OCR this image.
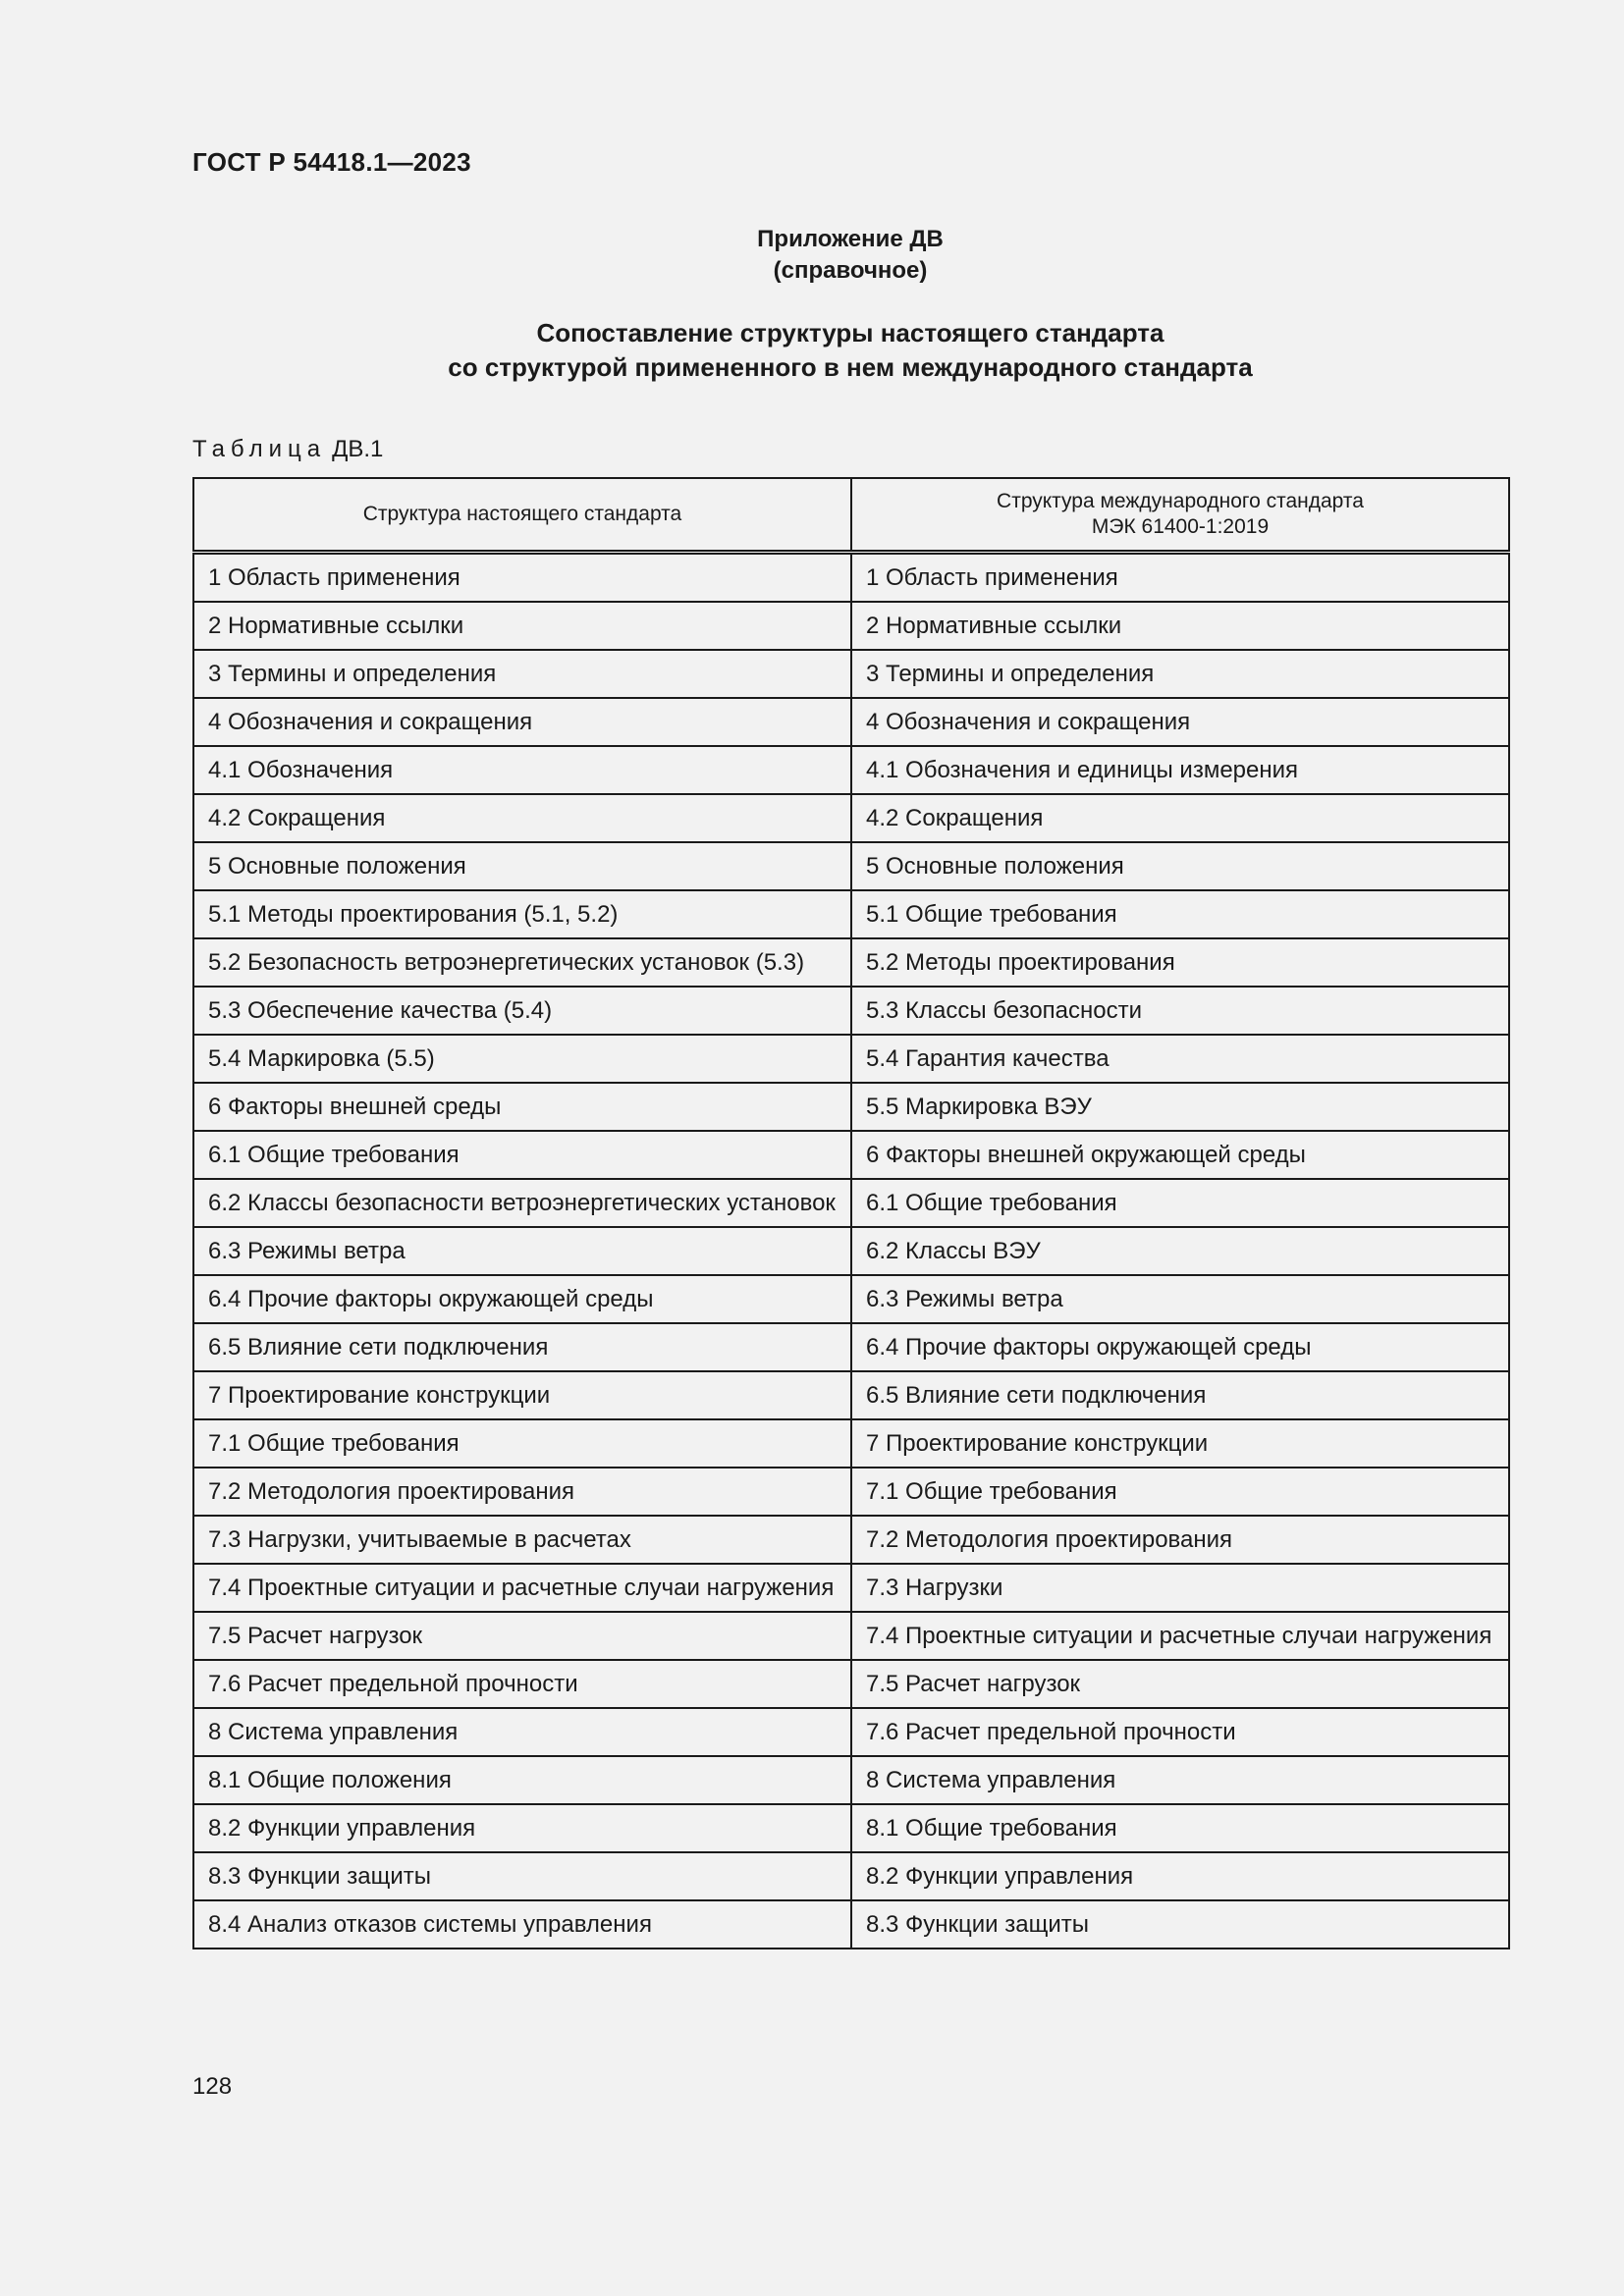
ГОСТ Р 54418.1—2023
Приложение ДВ
(справочное)
Сопоставление структуры настоящего стандарта
со структурой примененного в нем международного стандарта
Таблица ДВ.1
Структура настоящего стандарта	Структура международного стандарта
МЭК 61400-1:2019

1 Область применения	1 Область применения
2 Нормативные ссылки	2 Нормативные ссылки
3 Термины и определения	3 Термины и определения
4 Обозначения и сокращения	4 Обозначения и сокращения
4.1 Обозначения	4.1 Обозначения и единицы измерения
4.2 Сокращения	4.2 Сокращения
5 Основные положения	5 Основные положения
5.1 Методы проектирования (5.1, 5.2)	5.1 Общие требования
5.2 Безопасность ветроэнергетических установок (5.3)	5.2 Методы проектирования
5.3 Обеспечение качества (5.4)	5.3 Классы безопасности
5.4 Маркировка (5.5)	5.4 Гарантия качества
6 Факторы внешней среды	5.5 Маркировка ВЭУ
6.1 Общие требования	6 Факторы внешней окружающей среды
6.2 Классы безопасности ветроэнергетических установок	6.1 Общие требования
6.3 Режимы ветра	6.2 Классы ВЭУ
6.4 Прочие факторы окружающей среды	6.3 Режимы ветра
6.5 Влияние сети подключения	6.4 Прочие факторы окружающей среды
7 Проектирование конструкции	6.5 Влияние сети подключения
7.1 Общие требования	7 Проектирование конструкции
7.2 Методология проектирования	7.1 Общие требования
7.3 Нагрузки, учитываемые в расчетах	7.2 Методология проектирования
7.4 Проектные ситуации и расчетные случаи нагружения	7.3 Нагрузки
7.5 Расчет нагрузок	7.4 Проектные ситуации и расчетные случаи нагружения
7.6 Расчет предельной прочности	7.5 Расчет нагрузок
8 Система управления	7.6 Расчет предельной прочности
8.1 Общие положения	8 Система управления
8.2 Функции управления	8.1 Общие требования
8.3 Функции защиты	8.2 Функции управления
8.4 Анализ отказов системы управления	8.3 Функции защиты
128
